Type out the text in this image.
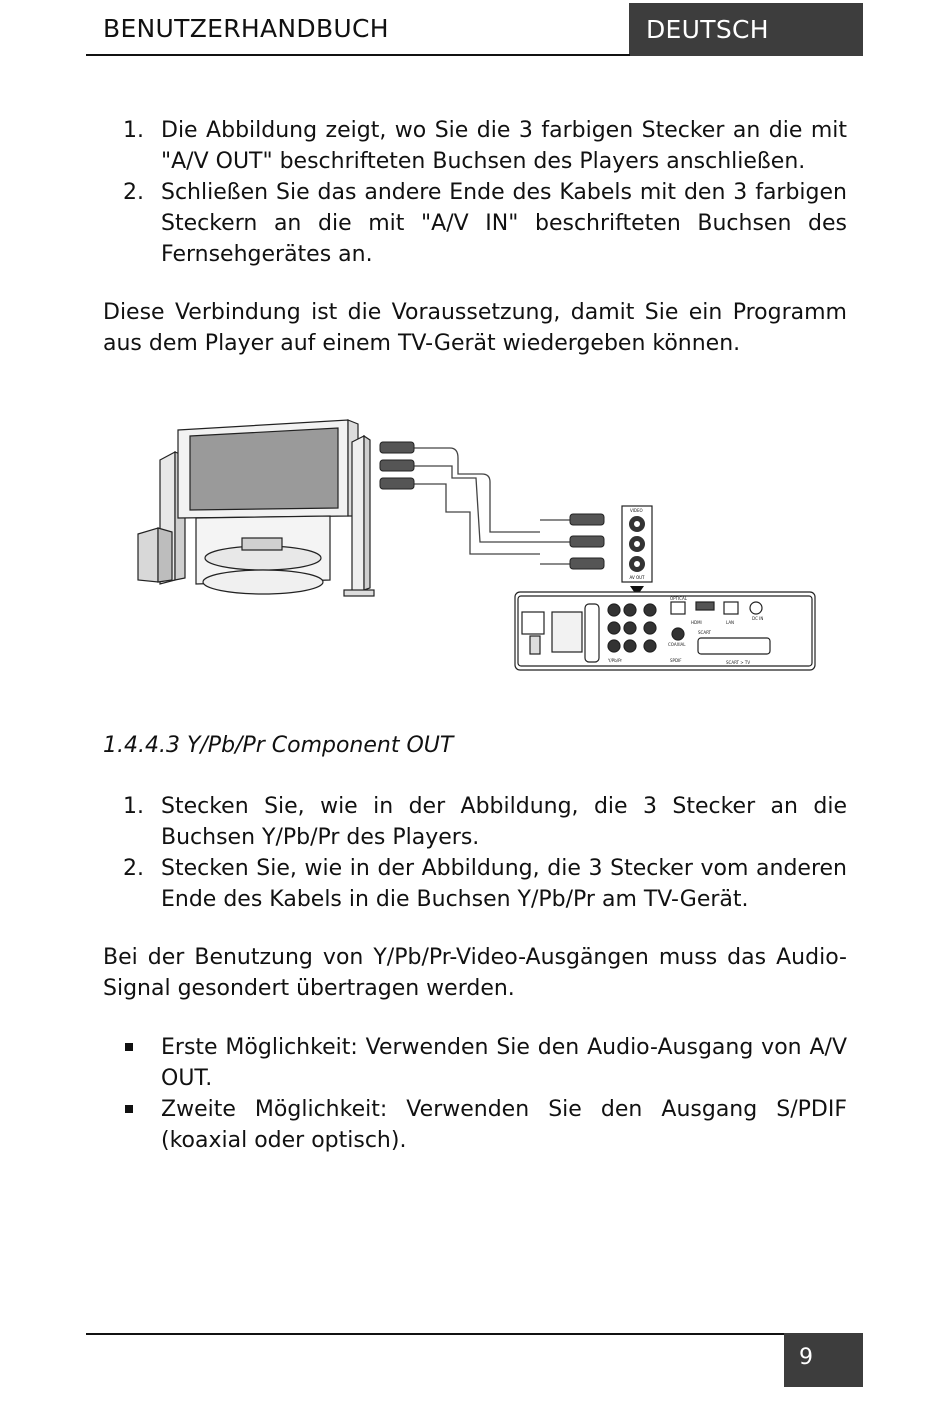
BENUTZERHANDBUCH	DEUTSCH
1. Die Abbildung zeigt, wo Sie die 3 farbigen Stecker an die mit "A/V OUT" beschrifteten Buchsen des Players anschließen.
2. Schließen Sie das andere Ende des Kabels mit den 3 farbigen Steckern an die mit "A/V IN" beschrifteten Buchsen des Fernsehgerätes an.
Diese Verbindung ist die Voraussetzung, damit Sie ein Programm aus dem Player auf einem TV-Gerät wiedergeben können.
AV OUT
HDMI	LAN
DC IN
OPTICAL
COAXIAL
SCART
SPDIF
Y/Pb/Pr	SCART > TV
VIDEO
1.4.4.3 Y/Pb/Pr Component OUT
1. Stecken Sie, wie in der Abbildung, die 3 Stecker an die Buchsen Y/Pb/Pr des Players.
2. Stecken Sie, wie in der Abbildung, die 3 Stecker vom anderen Ende des Kabels in die Buchsen Y/Pb/Pr am TV-Gerät.
Bei der Benutzung von Y/Pb/Pr-Video-Ausgängen muss das Audio-Signal gesondert übertragen werden.
Erste Möglichkeit: Verwenden Sie den Audio-Ausgang von A/V OUT.
Zweite Möglichkeit: Verwenden Sie den Ausgang S/PDIF (koaxial oder optisch).
9
